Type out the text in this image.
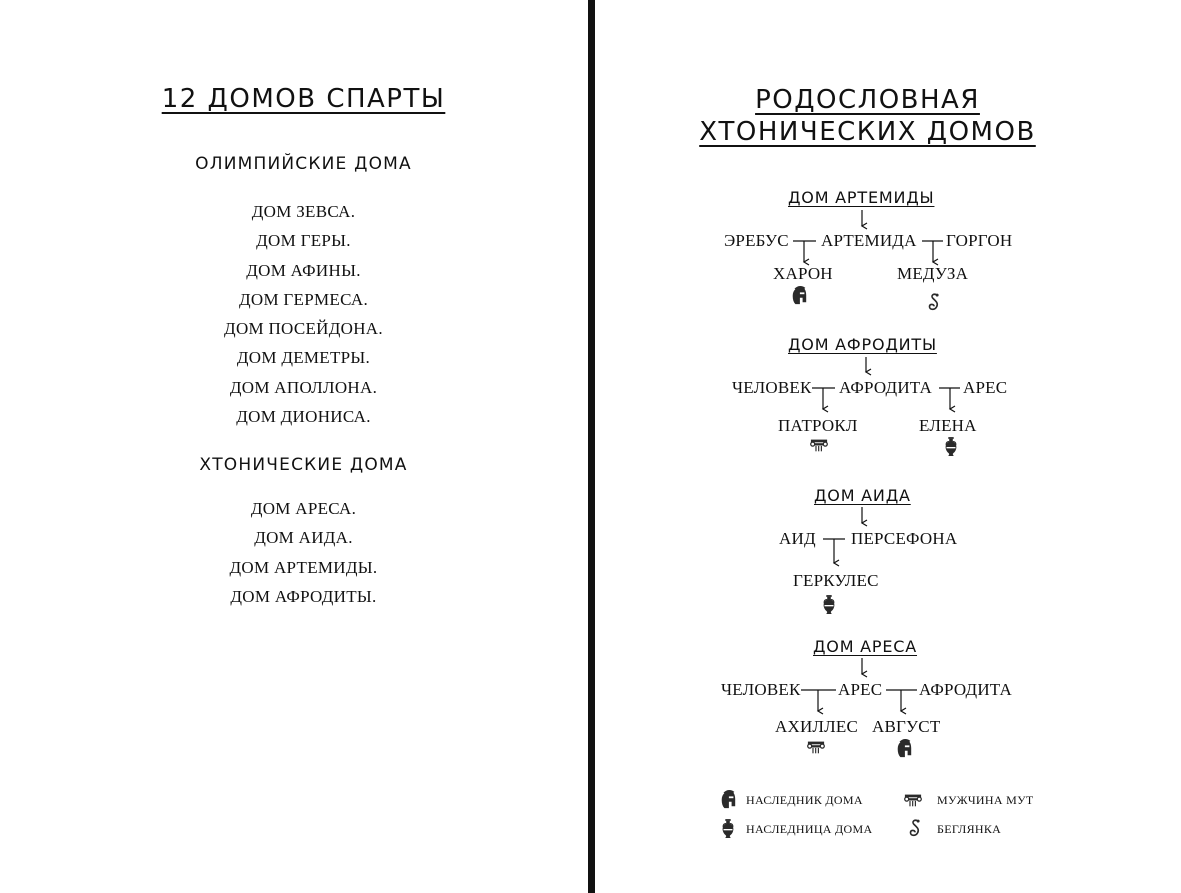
12 ДОМОВ СПАРТЫ
ОЛИМПИЙСКИЕ ДОМА
ДОМ ЗЕВСА.
ДОМ ГЕРЫ.
ДОМ АФИНЫ.
ДОМ ГЕРМЕСА.
ДОМ ПОСЕЙДОНА.
ДОМ ДЕМЕТРЫ.
ДОМ АПОЛЛОНА.
ДОМ ДИОНИСА.
ХТОНИЧЕСКИЕ ДОМА
ДОМ АРЕСА.
ДОМ АИДА.
ДОМ АРТЕМИДЫ.
ДОМ АФРОДИТЫ.
РОДОСЛОВНАЯ
ХТОНИЧЕСКИХ ДОМОВ
ДОМ АРТЕМИДЫ
ЭРЕБУС АРТЕМИДА ГОРГОН
ХАРОН	МЕДУЗА
ДОМ АФРОДИТЫ
ЧЕЛОВЕК АФРОДИТА АРЕС
ПАТРОКЛ	ЕЛЕНА
ДОМ АИДА
АИД ПЕРСЕФОНА
ГЕРКУЛЕС
ДОМ АРЕСА
ЧЕЛОВЕК АРЕС АФРОДИТА
АХИЛЛЕС АВГУСТ
НАСЛЕДНИК ДОМА	МУЖЧИНА МУТ
НАСЛЕДНИЦА ДОМА	БЕГЛЯНКА
